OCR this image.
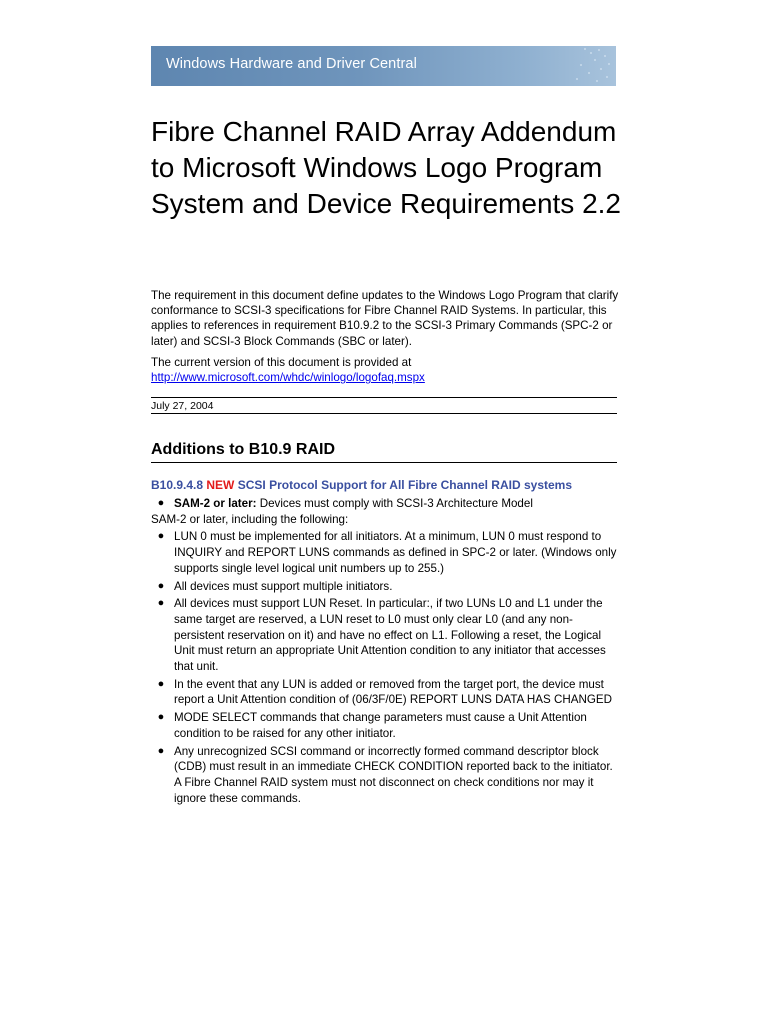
Windows Hardware and Driver Central
Fibre Channel RAID Array Addendum to Microsoft Windows Logo Program System and Device Requirements 2.2

The requirement in this document define updates to the Windows Logo Program that clarify conformance to SCSI-3 specifications for Fibre Channel RAID Systems. In particular, this applies to references in requirement B10.9.2 to the SCSI-3 Primary Commands (SPC-2 or later) and SCSI-3 Block Commands (SBC or later).

The current version of this document is provided at
http://www.microsoft.com/whdc/winlogo/logofaq.mspx

July 27, 2004
Additions to B10.9 RAID

B10.9.4.8 NEW SCSI Protocol Support for All Fibre Channel RAID systems

● SAM-2 or later: Devices must comply with SCSI-3 Architecture Model
SAM-2 or later, including the following:
● LUN 0 must be implemented for all initiators. At a minimum, LUN 0 must respond to INQUIRY and REPORT LUNS commands as defined in SPC-2 or later. (Windows only supports single level logical unit numbers up to 255.)
● All devices must support multiple initiators.
● All devices must support LUN Reset. In particular:, if two LUNs L0 and L1 under the same target are reserved, a LUN reset to L0 must only clear L0 (and any non-persistent reservation on it) and have no effect on L1. Following a reset, the Logical Unit must return an appropriate Unit Attention condition to any initiator that accesses that unit.
● In the event that any LUN is added or removed from the target port, the device must report a Unit Attention condition of (06/3F/0E) REPORT LUNS DATA HAS CHANGED
● MODE SELECT commands that change parameters must cause a Unit Attention condition to be raised for any other initiator.
● Any unrecognized SCSI command or incorrectly formed command descriptor block (CDB) must result in an immediate CHECK CONDITION reported back to the initiator. A Fibre Channel RAID system must not disconnect on check conditions nor may it ignore these commands.
